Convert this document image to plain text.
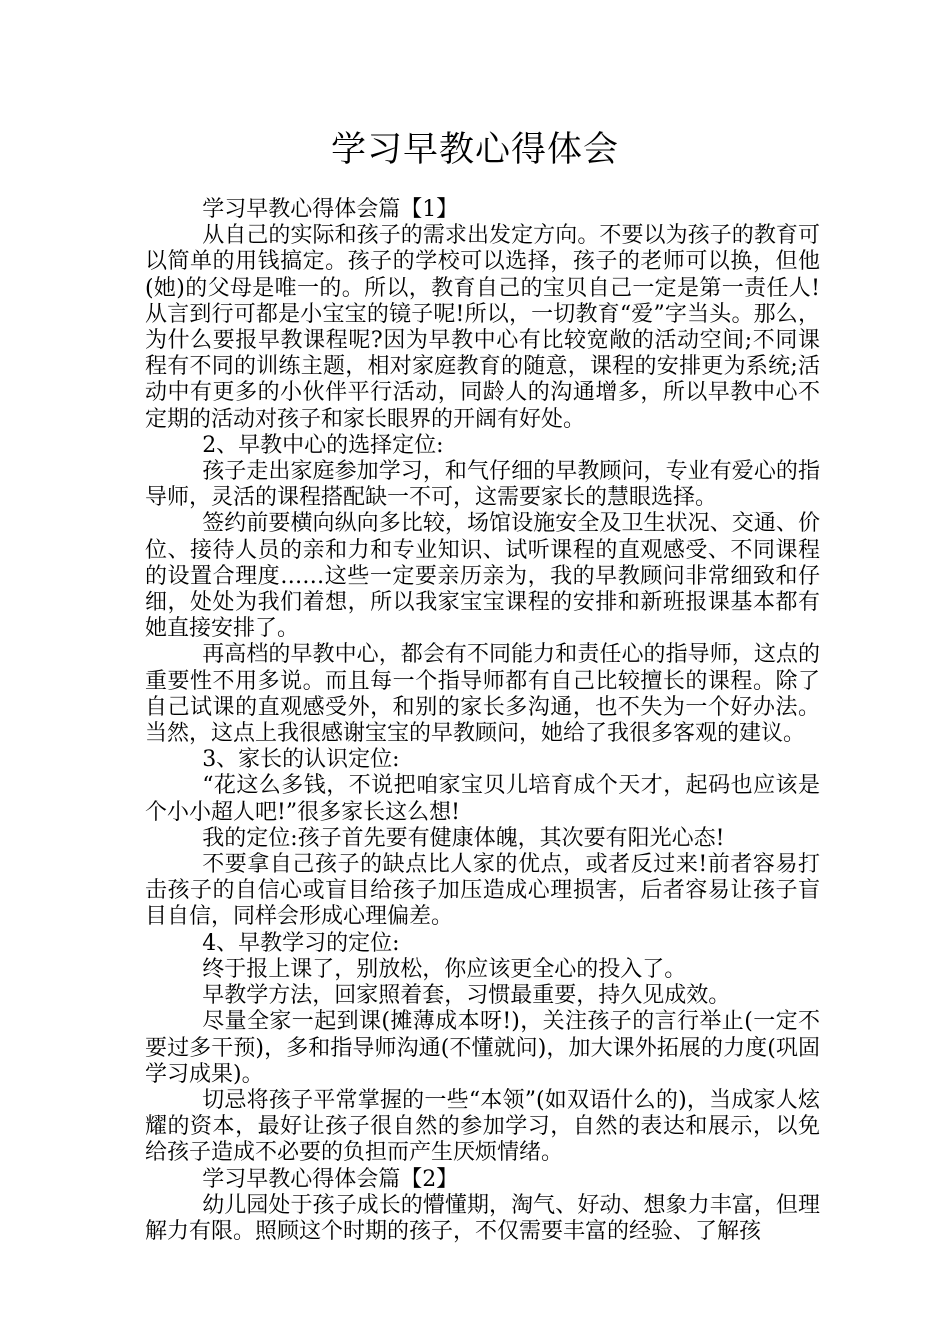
学习早教心得体会

学习早教心得体会篇【1】

从自己的实际和孩子的需求出发定方向。不要以为孩子的教育可以简单的用钱搞定。孩子的学校可以选择，孩子的老师可以换，但他(她)的父母是唯一的。所以，教育自己的宝贝自己一定是第一责任人!从言到行可都是小宝宝的镜子呢!所以，一切教育“爱”字当头。那么，为什么要报早教课程呢?因为早教中心有比较宽敞的活动空间;不同课程有不同的训练主题，相对家庭教育的随意，课程的安排更为系统;活动中有更多的小伙伴平行活动，同龄人的沟通增多，所以早教中心不定期的活动对孩子和家长眼界的开阔有好处。

2、早教中心的选择定位:

孩子走出家庭参加学习，和气仔细的早教顾问，专业有爱心的指导师，灵活的课程搭配缺一不可，这需要家长的慧眼选择。

签约前要横向纵向多比较，场馆设施安全及卫生状况、交通、价位、接待人员的亲和力和专业知识、试听课程的直观感受、不同课程的设置合理度……这些一定要亲历亲为，我的早教顾问非常细致和仔细，处处为我们着想，所以我家宝宝课程的安排和新班报课基本都有她直接安排了。

再高档的早教中心，都会有不同能力和责任心的指导师，这点的重要性不用多说。而且每一个指导师都有自己比较擅长的课程。除了自己试课的直观感受外，和别的家长多沟通，也不失为一个好办法。当然，这点上我很感谢宝宝的早教顾问，她给了我很多客观的建议。

3、家长的认识定位:

“花这么多钱，不说把咱家宝贝儿培育成个天才，起码也应该是个小小超人吧!”很多家长这么想!

我的定位:孩子首先要有健康体魄，其次要有阳光心态!

不要拿自己孩子的缺点比人家的优点，或者反过来!前者容易打击孩子的自信心或盲目给孩子加压造成心理损害，后者容易让孩子盲目自信，同样会形成心理偏差。

4、早教学习的定位:

终于报上课了，别放松，你应该更全心的投入了。

早教学方法，回家照着套，习惯最重要，持久见成效。

尽量全家一起到课(摊薄成本呀!)，关注孩子的言行举止(一定不要过多干预)，多和指导师沟通(不懂就问)，加大课外拓展的力度(巩固学习成果)。

切忌将孩子平常掌握的一些“本领”(如双语什么的)，当成家人炫耀的资本，最好让孩子很自然的参加学习，自然的表达和展示，以免给孩子造成不必要的负担而产生厌烦情绪。

学习早教心得体会篇【2】

幼儿园处于孩子成长的懵懂期，淘气、好动、想象力丰富，但理解力有限。照顾这个时期的孩子，不仅需要丰富的经验、了解孩
